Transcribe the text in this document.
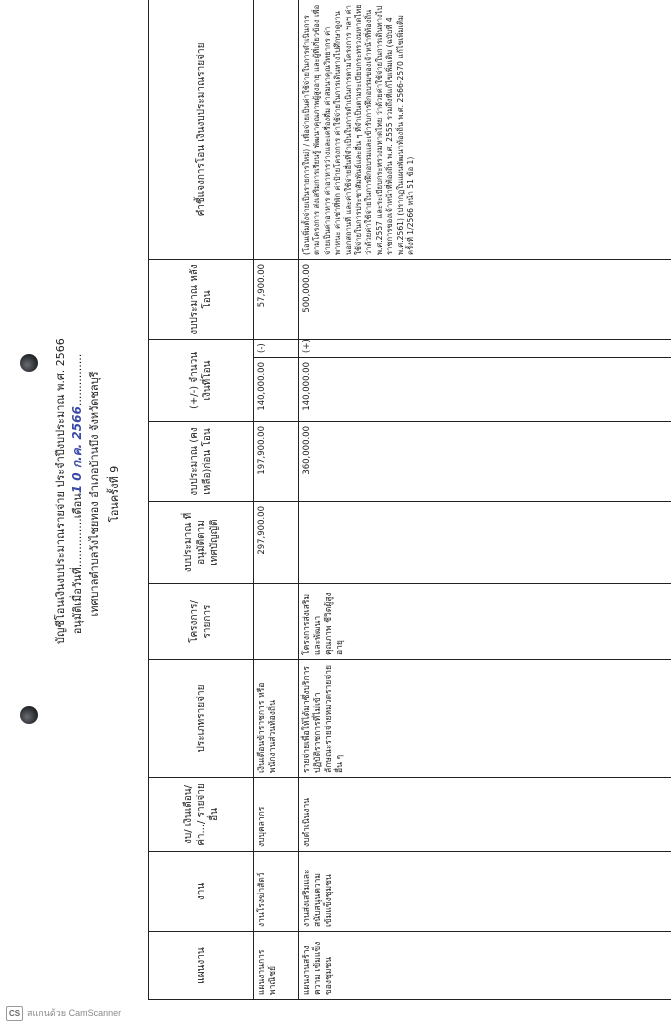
บัญชีโอนเงินงบประมาณรายจ่าย ประจำปีงบประมาณ พ.ศ. 2566 อนุมัติเมื่อวันที่..............เดือน1 0 ก.ค. 2566............... เทศบาลตำบลวังไชยทอง อำเภอบ้านบึง จังหวัดชลบุรี โอนครั้งที่ 9
แผนงาน	งาน	งบ/ เงินเดือน/ ค่า.../ รายจ่ายอื่น	ประเภทรายจ่าย	โครงการ/ รายการ	งบประมาณ ที่อนุมัติตาม เทศบัญญัติ	งบประมาณ (คงเหลือ)ก่อน โอน	(+/-) จำนวน เงินที่โอน		งบประมาณ หลังโอน	คำชี้แจงการโอน เงินงบประมาณรายจ่าย
แผนงานการพาณิชย์	งานโรงฆ่าสัตว์	งบบุคลากร	เงินเดือนข้าราชการ หรือ พนักงานส่วนท้องถิ่น		297,900.00	197,900.00	140,000.00	(-)	57,900.00	
แผนงานสร้างความ เข้มแข็งของชุมชน	งานส่งเสริมและ สนับสนุนความ เข้มแข็งชุมชน	งบดำเนินงาน	รายจ่ายเพื่อให้ได้มาซึ่งบริการ ปฏิบัติราชการที่ไม่เข้า ลักษณะรายจ่ายหมวดรายจ่าย อื่น ๆ	โครงการส่งเสริม และพัฒนาคุณภาพ ชีวิตผู้สูงอายุ		360,000.00	140,000.00	(+)	500,000.00	(โอนเพิ่มตั้งจ่ายเป็นรายการใหม่) / เพื่อจ่ายเป็นค่าใช้จ่ายในการดำเนินการตามโครงการ ส่งเสริมการเรียนรู้ พัฒนาคุณภาพผู้สูงอายุ และผู้ที่เกี่ยวข้อง เพื่อจ่ายเป็นค่าอาหาร ค่าอาหารว่างและเครื่องดื่ม ค่าสมนาคุณวิทยากร ค่าพาหนะ ค่าเช่าที่พัก ค่าป้ายโครงการ ค่าใช้จ่ายในการเดินทางไปศึกษาดูงานนอกสถานที่ และค่าใช้จ่ายอื่นที่จำเป็นในการดำเนินการตามโครงการ ฯลฯ ค่าใช้จ่ายในการประชาสัมพันธ์และอื่น ๆ ที่จำเป็นตามระเบียบกระทรวงมหาดไทย ว่าด้วยค่าใช้จ่ายในการฝึกอบรมและเข้ารับการฝึกอบรมของเจ้าหน้าที่ท้องถิ่น พ.ศ.2557 และระเบียบกระทรวงมหาดไทย ว่าด้วยค่าใช้จ่ายในการเดินทางไปราชการของเจ้าหน้าที่ท้องถิ่น พ.ศ. 2555 รวมถึงที่แก้ไขเพิ่มเติม (ฉบับที่ 4 พ.ศ.2561) (ปรากฏในแผนพัฒนาท้องถิ่น พ.ศ. 2566-2570 แก้ไขเพิ่มเติม ครั้งที่ 1/2566 หน้า 51 ข้อ 1)
CS สแกนด้วย CamScanner
